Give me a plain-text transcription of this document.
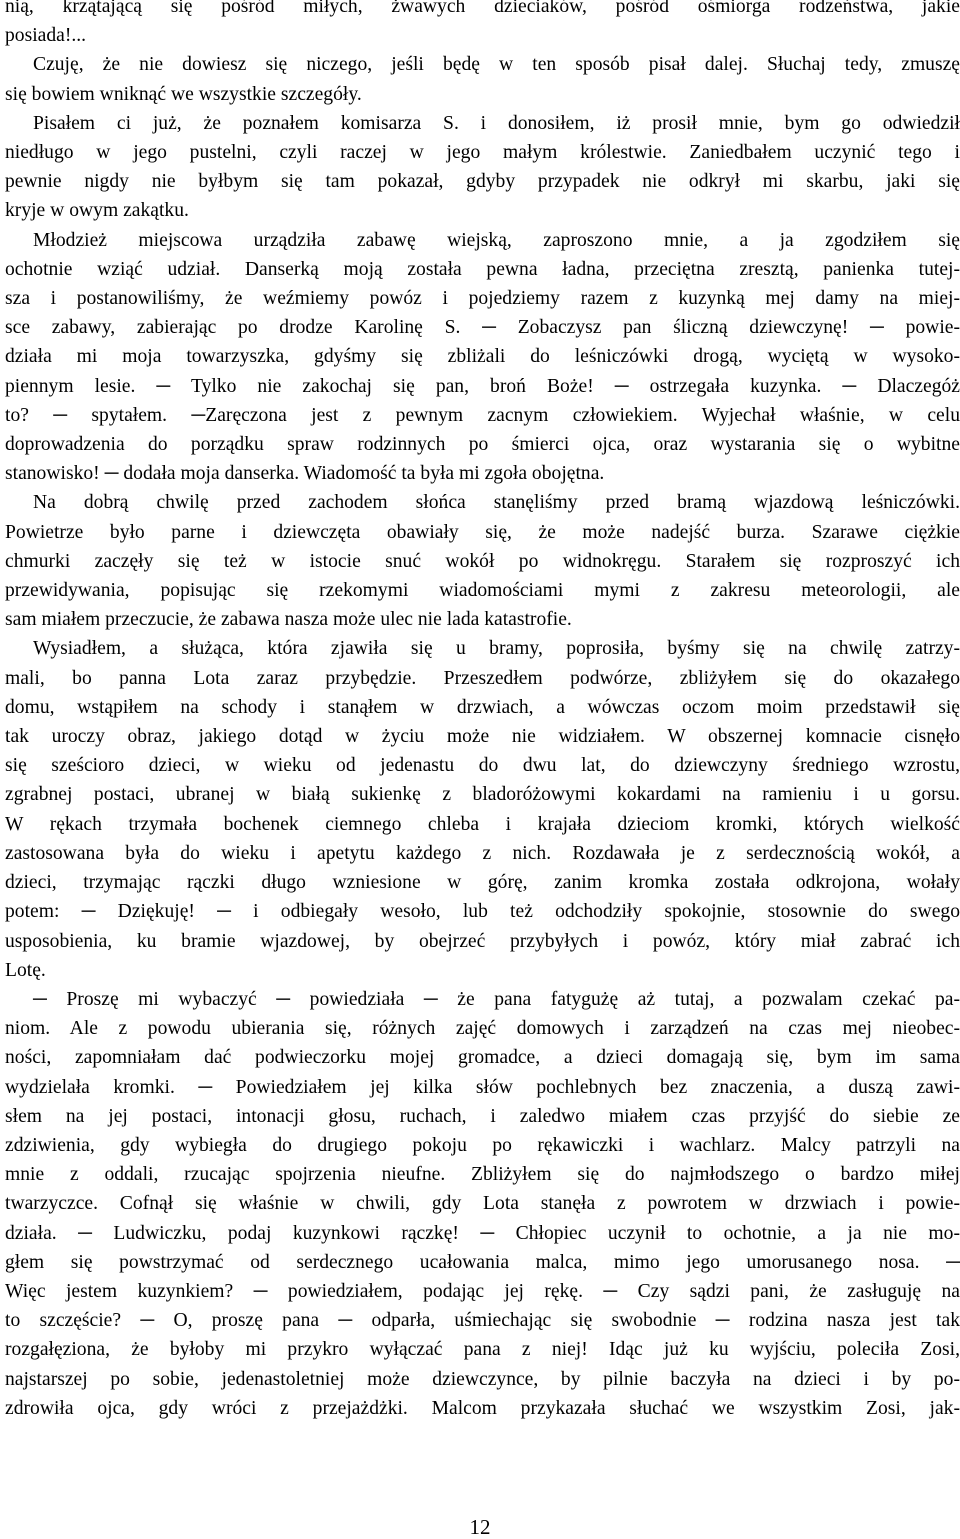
nią, krzątającą się pośród miłych, żwawych dzieciaków, pośród ośmiorga rodzeństwa, jakie
posiada!...
Czuję, że nie dowiesz się niczego, jeśli będę w ten sposób pisał dalej. Słuchaj tedy, zmuszę
się bowiem wniknąć we wszystkie szczegóły.
Pisałem ci już, że poznałem komisarza S. i donosiłem, iż prosił mnie, bym go odwiedził
niedługo w jego pustelni, czyli raczej w jego małym królestwie. Zaniedbałem uczynić tego i
pewnie nigdy nie byłbym się tam pokazał, gdyby przypadek nie odkrył mi skarbu, jaki się
kryje w owym zakątku.
Młodzież miejscowa urządziła zabawę wiejską, zaproszono mnie, a ja zgodziłem się
ochotnie wziąć udział. Danserką moją została pewna ładna, przeciętna zresztą, panienka tutej-
sza i postanowiliśmy, że weźmiemy powóz i pojedziemy razem z kuzynką mej damy na miej-
sce zabawy, zabierając po drodze Karolinę S. ─ Zobaczysz pan śliczną dziewczynę! ─ powie-
działa mi moja towarzyszka, gdyśmy się zbliżali do leśniczówki drogą, wyciętą w wysoko-
piennym lesie. ─ Tylko nie zakochaj się pan, broń Boże! ─ ostrzegała kuzynka. ─ Dlaczegóż
to? ─ spytałem. ─Zaręczona jest z pewnym zacnym człowiekiem. Wyjechał właśnie, w celu
doprowadzenia do porządku spraw rodzinnych po śmierci ojca, oraz wystarania się o wybitne
stanowisko! ─ dodała moja danserka. Wiadomość ta była mi zgoła obojętna.
Na dobrą chwilę przed zachodem słońca stanęliśmy przed bramą wjazdową leśniczówki.
Powietrze było parne i dziewczęta obawiały się, że może nadejść burza. Szarawe ciężkie
chmurki zaczęły się też w istocie snuć wokół po widnokręgu. Starałem się rozproszyć ich
przewidywania, popisując się rzekomymi wiadomościami mymi z zakresu meteorologii, ale
sam miałem przeczucie, że zabawa nasza może ulec nie lada katastrofie.
Wysiadłem, a służąca, która zjawiła się u bramy, poprosiła, byśmy się na chwilę zatrzy-
mali, bo panna Lota zaraz przybędzie. Przeszedłem podwórze, zbliżyłem się do okazałego
domu, wstąpiłem na schody i stanąłem w drzwiach, a wówczas oczom moim przedstawił się
tak uroczy obraz, jakiego dotąd w życiu może nie widziałem. W obszernej komnacie cisnęło
się sześcioro dzieci, w wieku od jedenastu do dwu lat, do dziewczyny średniego wzrostu,
zgrabnej postaci, ubranej w białą sukienkę z bladoróżowymi kokardami na ramieniu i u gorsu.
W rękach trzymała bochenek ciemnego chleba i krajała dzieciom kromki, których wielkość
zastosowana była do wieku i apetytu każdego z nich. Rozdawała je z serdecznością wokół, a
dzieci, trzymając rączki długo wzniesione w górę, zanim kromka została odkrojona, wołały
potem: ─ Dziękuję! ─ i odbiegały wesoło, lub też odchodziły spokojnie, stosownie do swego
usposobienia, ku bramie wjazdowej, by obejrzeć przybyłych i powóz, który miał zabrać ich
Lotę.
─ Proszę mi wybaczyć ─ powiedziała ─ że pana fatygużę aż tutaj, a pozwalam czekać pa-
niom. Ale z powodu ubierania się, różnych zajęć domowych i zarządzeń na czas mej nieobec-
ności, zapomniałam dać podwieczorku mojej gromadce, a dzieci domagają się, bym im sama
wydzielała kromki. ─ Powiedziałem jej kilka słów pochlebnych bez znaczenia, a duszą zawi-
słem na jej postaci, intonacji głosu, ruchach, i zaledwo miałem czas przyjść do siebie ze
zdziwienia, gdy wybiegła do drugiego pokoju po rękawiczki i wachlarz. Malcy patrzyli na
mnie z oddali, rzucając spojrzenia nieufne. Zbliżyłem się do najmłodszego o bardzo miłej
twarzyczce. Cofnął się właśnie w chwili, gdy Lota stanęła z powrotem w drzwiach i powie-
działa. ─ Ludwiczku, podaj kuzynkowi rączkę! ─ Chłopiec uczynił to ochotnie, a ja nie mo-
głem się powstrzymać od serdecznego ucałowania malca, mimo jego umorusanego nosa. ─
Więc jestem kuzynkiem? ─ powiedziałem, podając jej rękę. ─ Czy sądzi pani, że zasługuję na
to szczęście? ─ O, proszę pana ─ odparła, uśmiechając się swobodnie ─ rodzina nasza jest tak
rozgałęziona, że byłoby mi przykro wyłączać pana z niej! Idąc już ku wyjściu, poleciła Zosi,
najstarszej po sobie, jedenastoletniej może dziewczynce, by pilnie baczyła na dzieci i by po-
zdrowiła ojca, gdy wróci z przejażdżki. Malcom przykazała słuchać we wszystkim Zosi, jak-
12
